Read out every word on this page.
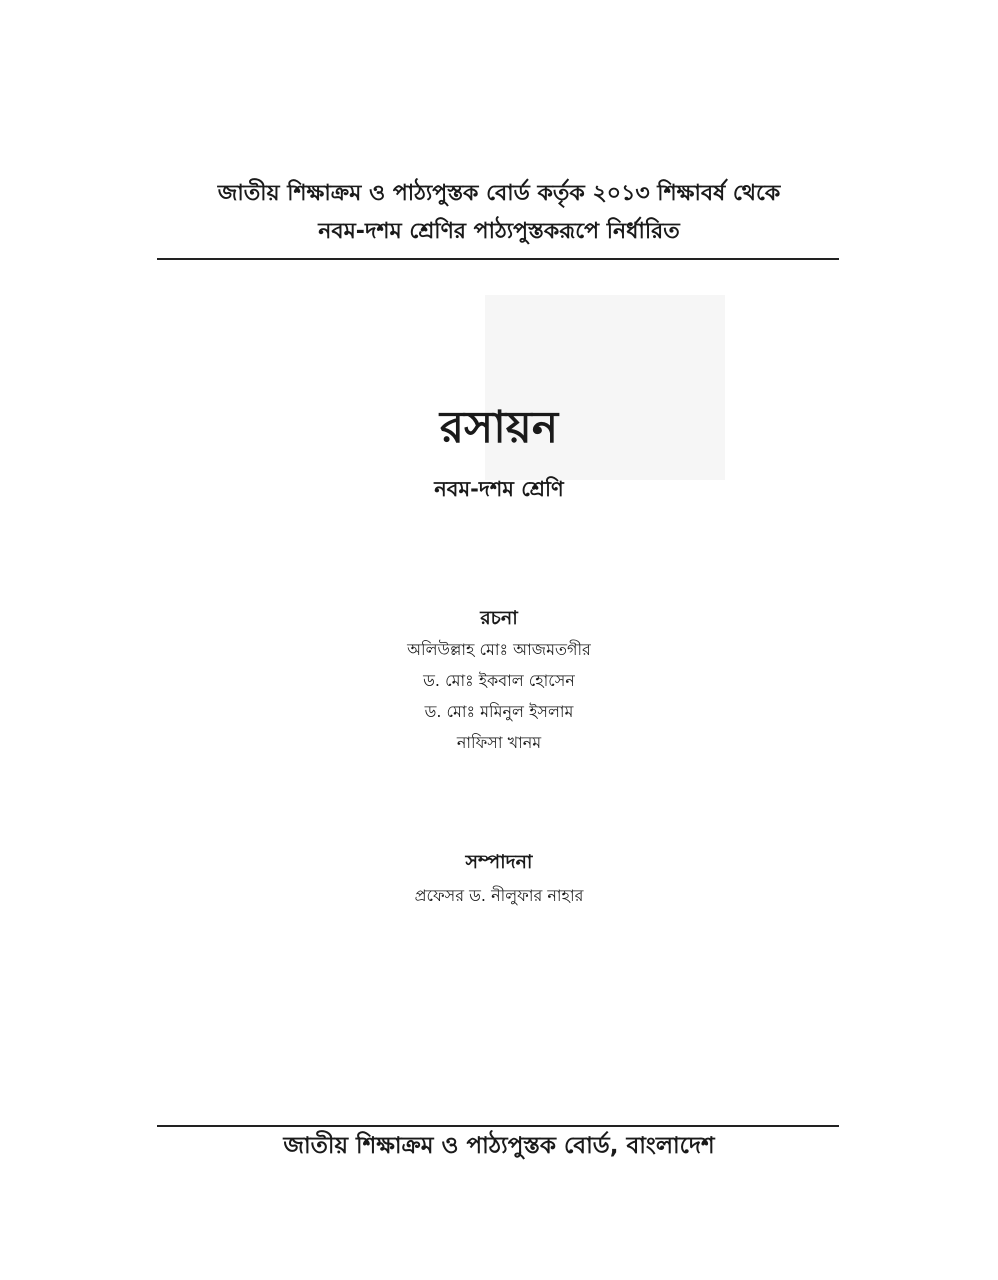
জাতীয় শিক্ষাক্রম ও পাঠ্যপুস্তক বোর্ড কর্তৃক ২০১৩ শিক্ষাবর্ষ থেকে
নবম-দশম শ্রেণির পাঠ্যপুস্তকরূপে নির্ধারিত
রসায়ন
নবম-দশম শ্রেণি
রচনা
অলিউল্লাহ মোঃ আজমতগীর
ড. মোঃ ইকবাল হোসেন
ড. মোঃ মমিনুল ইসলাম
নাফিসা খানম
সম্পাদনা
প্রফেসর ড. নীলুফার নাহার
জাতীয় শিক্ষাক্রম ও পাঠ্যপুস্তক বোর্ড, বাংলাদেশ
